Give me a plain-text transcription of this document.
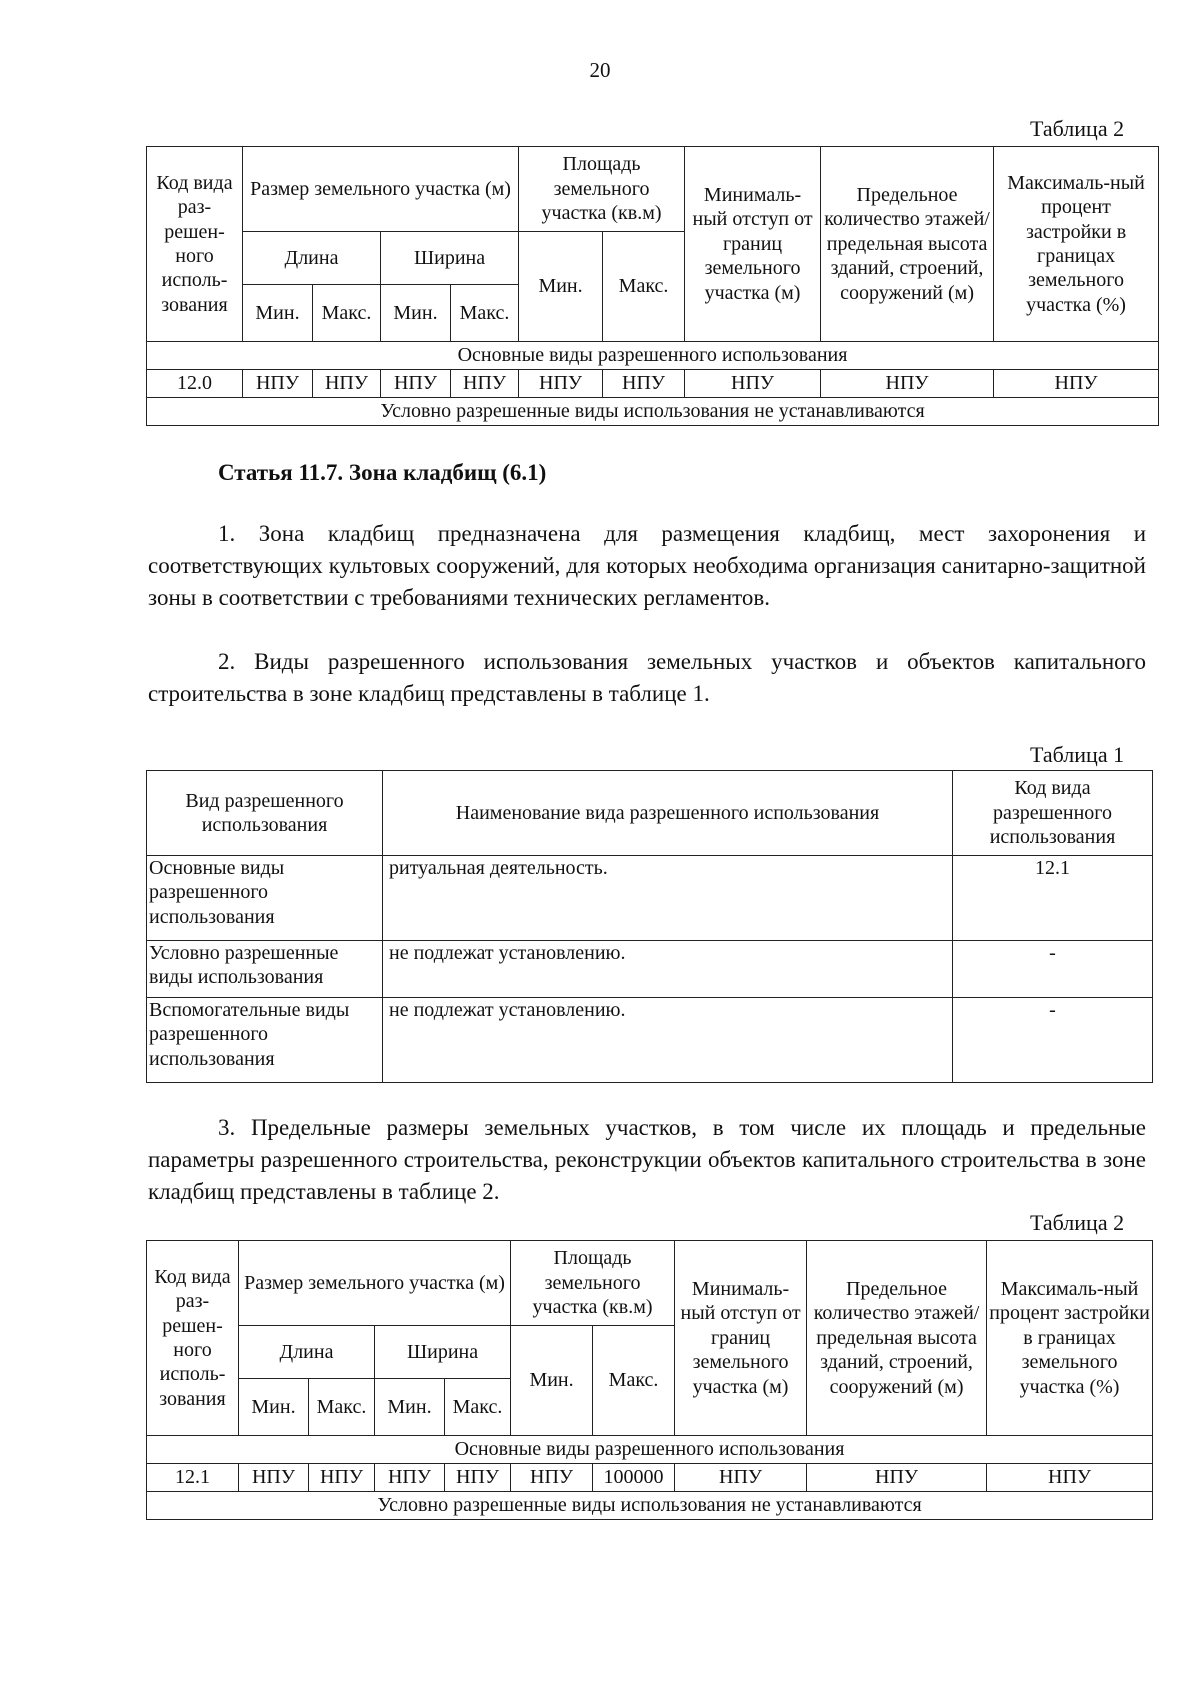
20
Таблица 2
Код вида раз-решен-ного исполь-зования	Размер земельного участка (м)				Площадь земельного участка (кв.м)		Минималь-ный отступ от границ земельного участка (м)	Предельное количество этажей/ предельная высота зданий, строений, сооружений (м)	Максималь-ный процент застройки в границах земельного участка (%)
	Длина		Ширина		Мин.	Макс.			
	Мин.	Макс.	Мин.	Макс.					
Основные виды разрешенного использования									
12.0	НПУ	НПУ	НПУ	НПУ	НПУ	НПУ	НПУ	НПУ	НПУ
Условно разрешенные виды использования не устанавливаются									
Статья 11.7. Зона кладбищ (6.1)
1. Зона кладбищ предназначена для размещения кладбищ, мест захоронения и соответствующих культовых сооружений, для которых необходима организация санитарно-защитной зоны в соответствии с требованиями технических регламентов.
2. Виды разрешенного использования земельных участков и объектов капитального строительства в зоне кладбищ представлены в таблице 1.
Таблица 1
Вид разрешенного использования	Наименование вида разрешенного использования	Код вида разрешенного использования
Основные виды разрешенного использования	ритуальная деятельность.	12.1
Условно разрешенные виды использования	не подлежат установлению.	-
Вспомогательные виды разрешенного использования	не подлежат установлению.	-
3. Предельные размеры земельных участков, в том числе их площадь и предельные параметры разрешенного строительства, реконструкции объектов капитального строительства в зоне кладбищ представлены в таблице 2.
Таблица 2
Код вида раз-решен-ного исполь-зования	Размер земельного участка (м)				Площадь земельного участка (кв.м)		Минималь-ный отступ от границ земельного участка (м)	Предельное количество этажей/ предельная высота зданий, строений, сооружений (м)	Максималь-ный процент застройки в границах земельного участка (%)
	Длина		Ширина		Мин.	Макс.			
	Мин.	Макс.	Мин.	Макс.					
Основные виды разрешенного использования									
12.1	НПУ	НПУ	НПУ	НПУ	НПУ	100000	НПУ	НПУ	НПУ
Условно разрешенные виды использования не устанавливаются									
